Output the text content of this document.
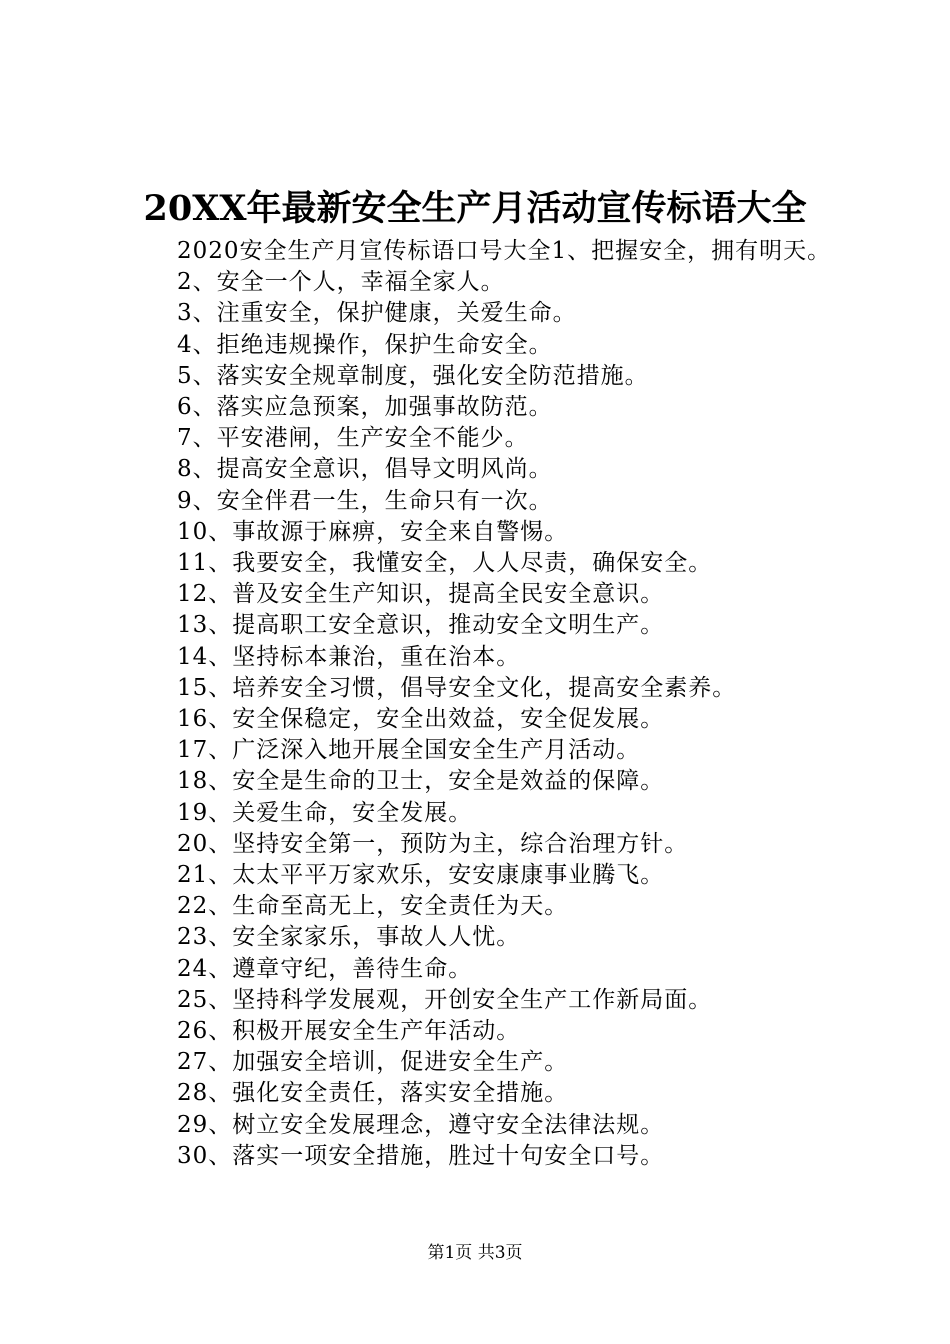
20XX年最新安全生产月活动宣传标语大全

2020安全生产月宣传标语口号大全1、把握安全，拥有明天。

2、安全一个人，幸福全家人。
3、注重安全，保护健康，关爱生命。
4、拒绝违规操作，保护生命安全。
5、落实安全规章制度，强化安全防范措施。
6、落实应急预案，加强事故防范。
7、平安港闸，生产安全不能少。
8、提高安全意识，倡导文明风尚。
9、安全伴君一生，生命只有一次。
10、事故源于麻痹，安全来自警惕。
11、我要安全，我懂安全，人人尽责，确保安全。
12、普及安全生产知识，提高全民安全意识。
13、提高职工安全意识，推动安全文明生产。
14、坚持标本兼治，重在治本。
15、培养安全习惯，倡导安全文化，提高安全素养。
16、安全保稳定，安全出效益，安全促发展。
17、广泛深入地开展全国安全生产月活动。
18、安全是生命的卫士，安全是效益的保障。
19、关爱生命，安全发展。
20、坚持安全第一，预防为主，综合治理方针。
21、太太平平万家欢乐，安安康康事业腾飞。
22、生命至高无上，安全责任为天。
23、安全家家乐，事故人人忧。
24、遵章守纪，善待生命。
25、坚持科学发展观，开创安全生产工作新局面。
26、积极开展安全生产年活动。
27、加强安全培训，促进安全生产。
28、强化安全责任，落实安全措施。
29、树立安全发展理念，遵守安全法律法规。
30、落实一项安全措施，胜过十句安全口号。
第1页 共3页
